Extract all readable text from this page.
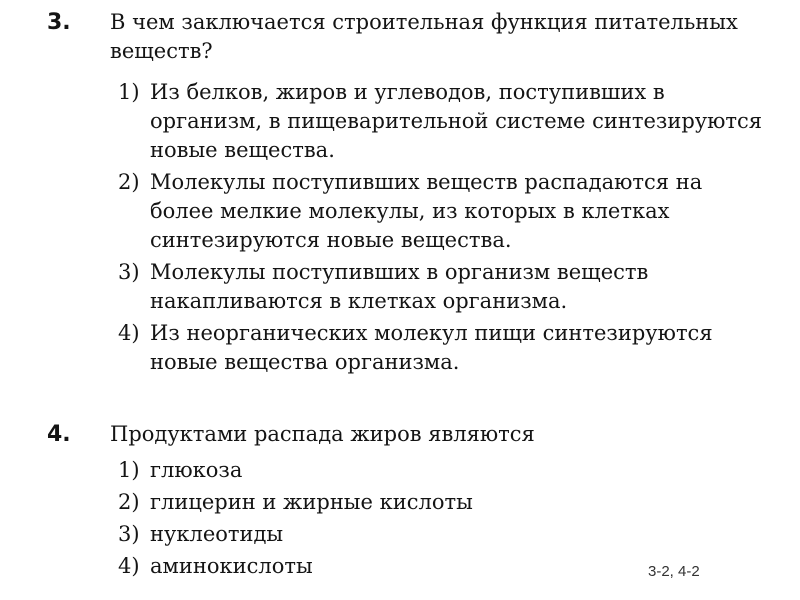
3. В чем заключается строительная функция питательных веществ?
1) Из белков, жиров и углеводов, поступивших в организм, в пищеварительной системе синтезируются новые вещества.
2) Молекулы поступивших веществ распадаются на более мелкие молекулы, из которых в клетках синтезируются новые вещества.
3) Молекулы поступивших в организм веществ накапливаются в клетках организма.
4) Из неорганических молекул пищи синтезируются новые вещества организма.
4. Продуктами распада жиров являются
1) глюкоза
2) глицерин и жирные кислоты
3) нуклеотиды
4) аминокислоты	3-2, 4-2
